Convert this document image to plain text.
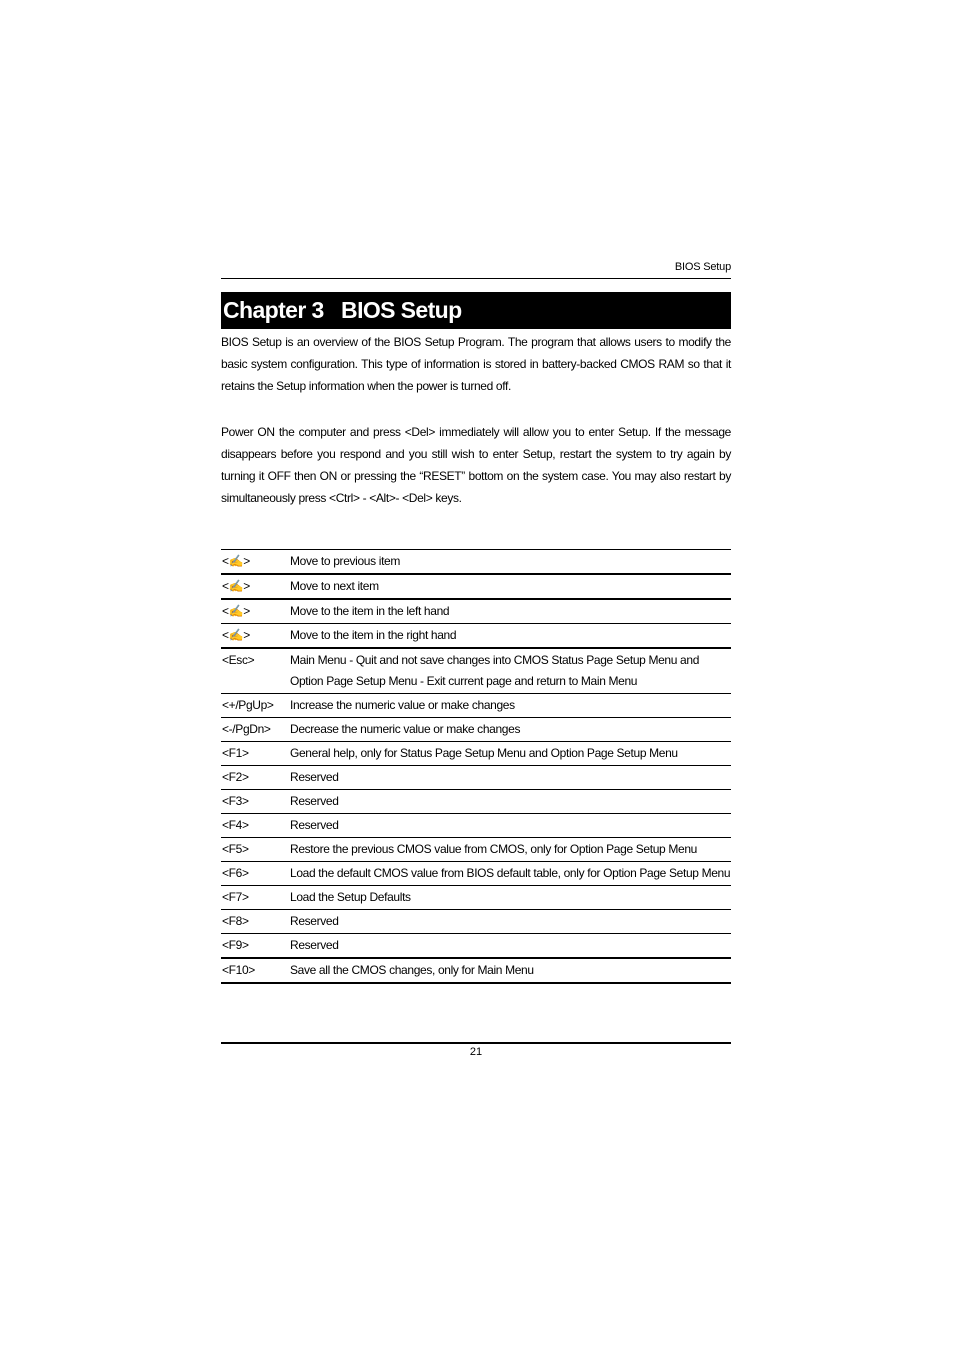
BIOS Setup
Chapter 3   BIOS Setup

BIOS Setup is an overview of the BIOS Setup Program. The program that allows users to modify the basic system configuration. This type of information is stored in battery-backed CMOS RAM so that it retains the Setup information when the power is turned off.

Power ON the computer and press <Del> immediately will allow you to enter Setup. If the message disappears before you respond and you still wish to enter Setup, restart the system to try again by turning it OFF then ON or pressing the “RESET” bottom on the system case. You may also restart by simultaneously press <Ctrl> - <Alt>- <Del> keys.

<✍>	Move to previous item
<✍>	Move to next item
<✍>	Move to the item in the left hand
<✍>	Move to the item in the right hand
<Esc>	Main Menu - Quit and not save changes into CMOS Status Page Setup Menu and Option Page Setup Menu - Exit current page and return to Main Menu
<+/PgUp>	Increase the numeric value or make changes
<-/PgDn>	Decrease the numeric value or make changes
<F1>	General help, only for Status Page Setup Menu and Option Page Setup Menu
<F2>	Reserved
<F3>	Reserved
<F4>	Reserved
<F5>	Restore the previous CMOS value from CMOS, only for Option Page Setup Menu
<F6>	Load the default CMOS value from BIOS default table, only for Option Page Setup Menu
<F7>	Load the Setup Defaults
<F8>	Reserved
<F9>	Reserved
<F10>	Save all the CMOS changes, only for Main Menu
21
